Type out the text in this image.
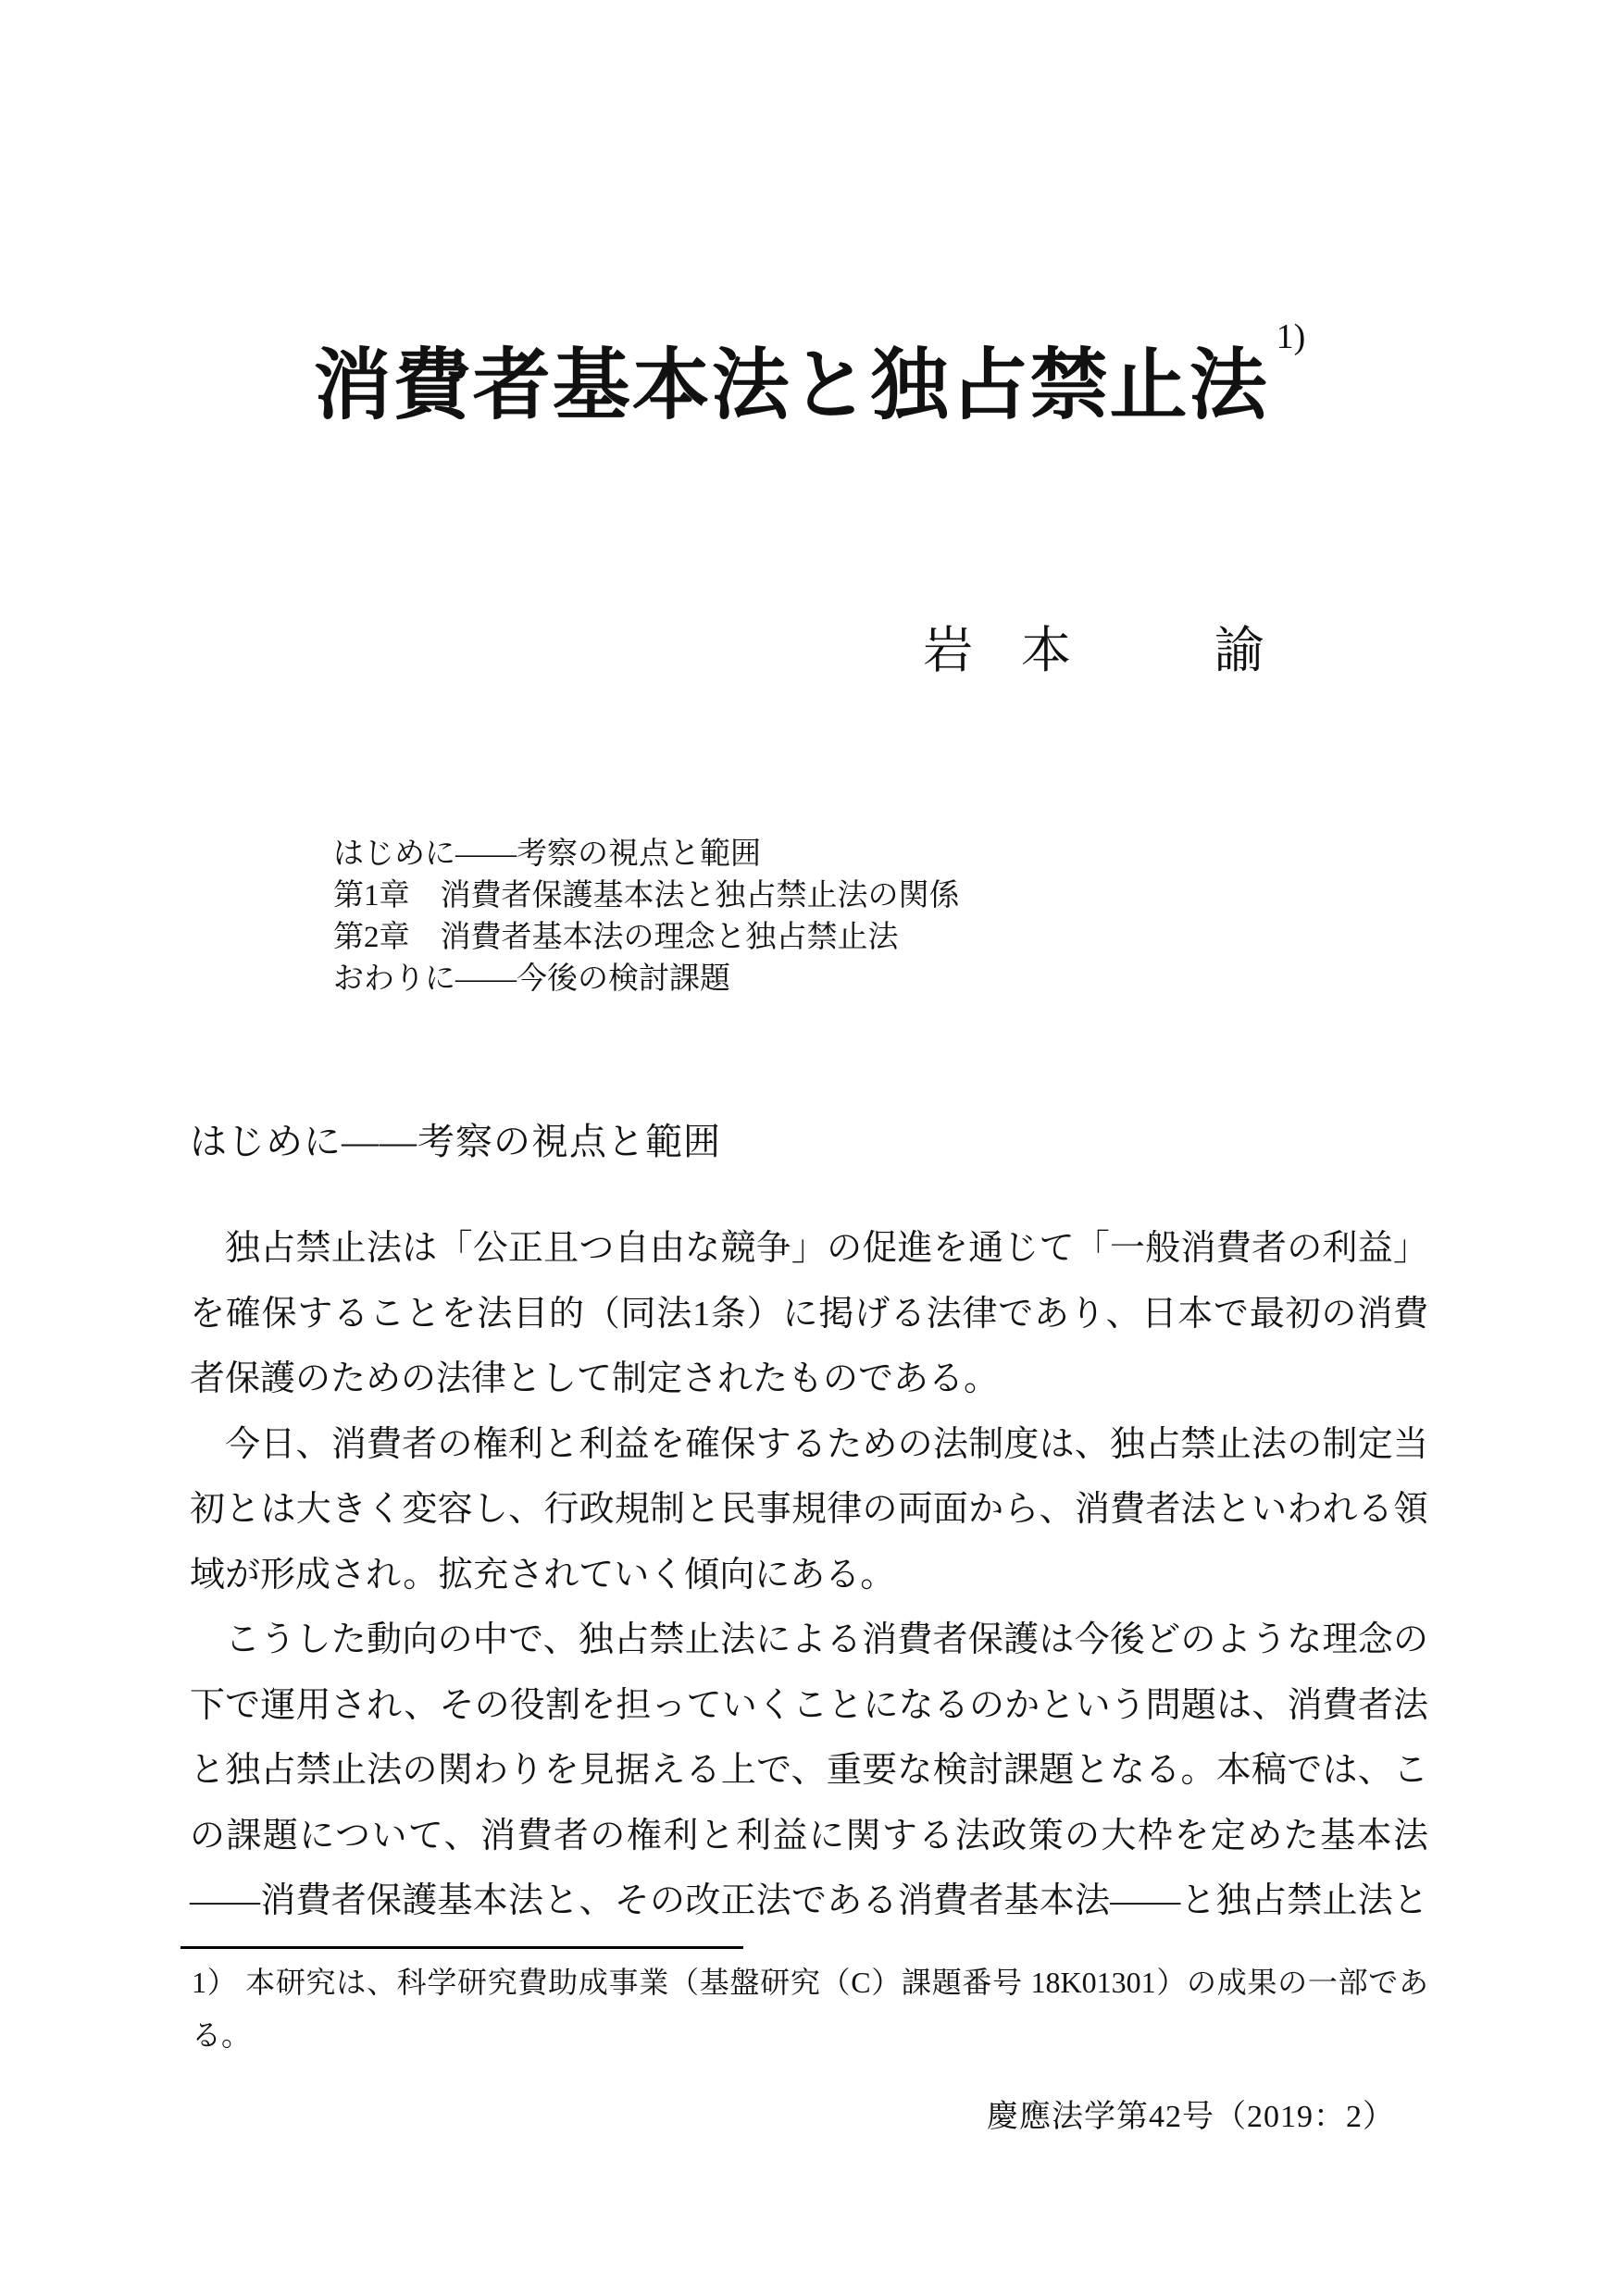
消費者基本法と独占禁止法$^{1)}$
岩 本	諭
はじめに——考察の視点と範囲
第1章　消費者保護基本法と独占禁止法の関係
第2章　消費者基本法の理念と独占禁止法
おわりに——今後の検討課題
はじめに——考察の視点と範囲
独占禁止法は「公正且つ自由な競争」の促進を通じて「一般消費者の利益」
を確保することを法目的（同法1条）に掲げる法律であり、日本で最初の消費
者保護のための法律として制定されたものである。
今日、消費者の権利と利益を確保するための法制度は、独占禁止法の制定当
初とは大きく変容し、行政規制と民事規律の両面から、消費者法といわれる領
域が形成され。拡充されていく傾向にある。
こうした動向の中で、独占禁止法による消費者保護は今後どのような理念の
下で運用され、その役割を担っていくことになるのかという問題は、消費者法
と独占禁止法の関わりを見据える上で、重要な検討課題となる。本稿では、こ
の課題について、消費者の権利と利益に関する法政策の大枠を定めた基本法
——消費者保護基本法と、その改正法である消費者基本法——と独占禁止法と
1） 本研究は、科学研究費助成事業（基盤研究（C）課題番号 18K01301）の成果の一部であ
る。
慶應法学第42号（2019：2）
